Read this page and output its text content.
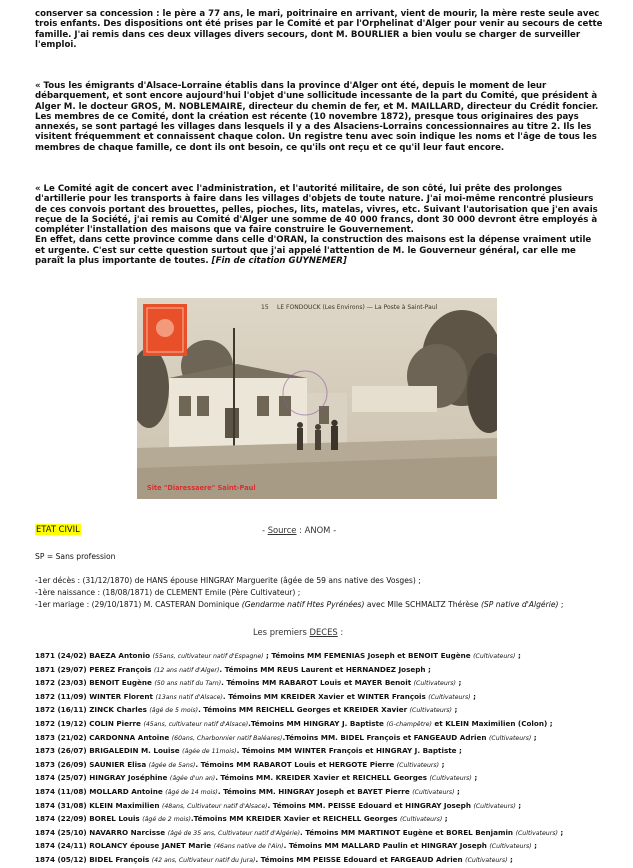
conserver sa concession : le père a 77 ans, le mari, poitrinaire en arrivant, vient de mourir, la mère reste seule avec trois enfants. Des dispositions ont été prises par le Comité et par l'Orphelinat d'Alger pour venir au secours de cette famille. J'ai remis dans ces deux villages divers secours, dont M. BOURLIER a bien voulu se charger de surveiller l'emploi.

« Tous les émigrants d'Alsace-Lorraine établis dans la province d'Alger ont été, depuis le moment de leur débarquement, et sont encore aujourd'hui l'objet d'une sollicitude incessante de la part du Comité, que président à Alger M. le docteur GROS, M. NOBLEMAIRE, directeur du chemin de fer, et M. MAILLARD, directeur du Crédit foncier. Les membres de ce Comité, dont la création est récente (10 novembre 1872), presque tous originaires des pays annexés, se sont partagé les villages dans lesquels il y a des Alsaciens-Lorrains concessionnaires au titre 2. Ils les visitent fréquemment et connaissent chaque colon. Un registre tenu avec soin indique les noms et l'âge de tous les membres de chaque famille, ce dont ils ont besoin, ce qu'ils ont reçu et ce qu'il leur faut encore.

« Le Comité agit de concert avec l'administration, et l'autorité militaire, de son côté, lui prête des prolonges d'artillerie pour les transports à faire dans les villages d'objets de toute nature. J'ai moi-même rencontré plusieurs de ces convois portant des brouettes, pelles, pioches, lits, matelas, vivres, etc. Suivant l'autorisation que j'en avais reçue de la Société, j'ai remis au Comité d'Alger une somme de 40 000 francs, dont 30 000 devront être employés à compléter l'installation des maisons que va faire construire le Gouvernement.
En effet, dans cette province comme dans celle d'ORAN, la construction des maisons est la dépense vraiment utile et urgente. C'est sur cette question surtout que j'ai appelé l'attention de M. le Gouverneur général, car elle me paraît la plus importante de toutes. [Fin de citation GUYNEMER]

15 LE FONDOUCK (Les Environs) — La Poste à Saint-Paul
Site "Diaressaere" Saint-Paul
ETAT CIVIL	- Source : ANOM -
SP = Sans profession
-1er décès : (31/12/1870) de HANS épouse HINGRAY Marguerite (âgée de 59 ans native des Vosges) ;
-1ère naissance : (18/08/1871) de CLEMENT Emile (Père Cultivateur) ;
-1er mariage : (29/10/1871) M. CASTERAN Dominique (Gendarme natif Htes Pyrénées) avec Mlle SCHMALTZ Thérèse (SP native d'Algérie) ;
Les premiers DECES :
1871 (24/02) BAEZA Antonio (55ans, cultivateur natif d'Espagne) ; Témoins MM FEMENIAS Joseph et BENOIT Eugène (Cultivateurs) ;
1871 (29/07) PEREZ François (12 ans natif d'Alger). Témoins MM REUS Laurent et HERNANDEZ Joseph ;
1872 (23/03) BENOIT Eugène (50 ans natif du Tarn). Témoins MM RABAROT Louis et MAYER Benoit (Cultivateurs) ;
1872 (11/09) WINTER Florent (13ans natif d'Alsace). Témoins MM KREIDER Xavier et WINTER François (Cultivateurs) ;
1872 (16/11) ZINCK Charles (âgé de 5 mois). Témoins MM REICHELL Georges et KREIDER Xavier (Cultivateurs) ;
1872 (19/12) COLIN Pierre (45ans, cultivateur natif d'Alsace).Témoins MM HINGRAY J. Baptiste (G-champêtre) et KLEIN Maximilien (Colon) ;
1873 (21/02) CARDONNA Antoine (60ans, Charbonnier natif Baléares).Témoins MM. BIDEL François et FANGEAUD Adrien (Cultivateurs) ;
1873 (26/07) BRIGALEDIN M. Louise (âgée de 11mois). Témoins MM WINTER François et HINGRAY J. Baptiste ;
1873 (26/09) SAUNIER Elisa (âgée de 5ans). Témoins MM RABAROT Louis et HERGOTE Pierre (Cultivateurs) ;
1874 (25/07) HINGRAY Joséphine (âgée d'un an). Témoins MM. KREIDER Xavier et REICHELL Georges (Cultivateurs) ;
1874 (11/08) MOLLARD Antoine (âgé de 14 mois). Témoins MM. HINGRAY Joseph et BAYET Pierre (Cultivateurs) ;
1874 (31/08) KLEIN Maximilien (48ans, Cultivateur natif d'Alsace). Témoins MM. PEISSE Edouard et HINGRAY Joseph (Cultivateurs) ;
1874 (22/09) BOREL Louis (âgé de 2 mois).Témoins MM KREIDER Xavier et REICHELL Georges (Cultivateurs) ;
1874 (25/10) NAVARRO Narcisse (âgé de 35 ans, Cultivateur natif d'Algérie). Témoins MM MARTINOT Eugène et BOREL Benjamin (Cultivateurs) ;
1874 (24/11) ROLANCY épouse JANET Marie (46ans native de l'Ain). Témoins MM MALLARD Paulin et HINGRAY Joseph (Cultivateurs) ;
1874 (05/12) BIDEL François (42 ans, Cultivateur natif du Jura). Témoins MM PEISSE Edouard et FARGEAUD Adrien (Cultivateurs) ;
